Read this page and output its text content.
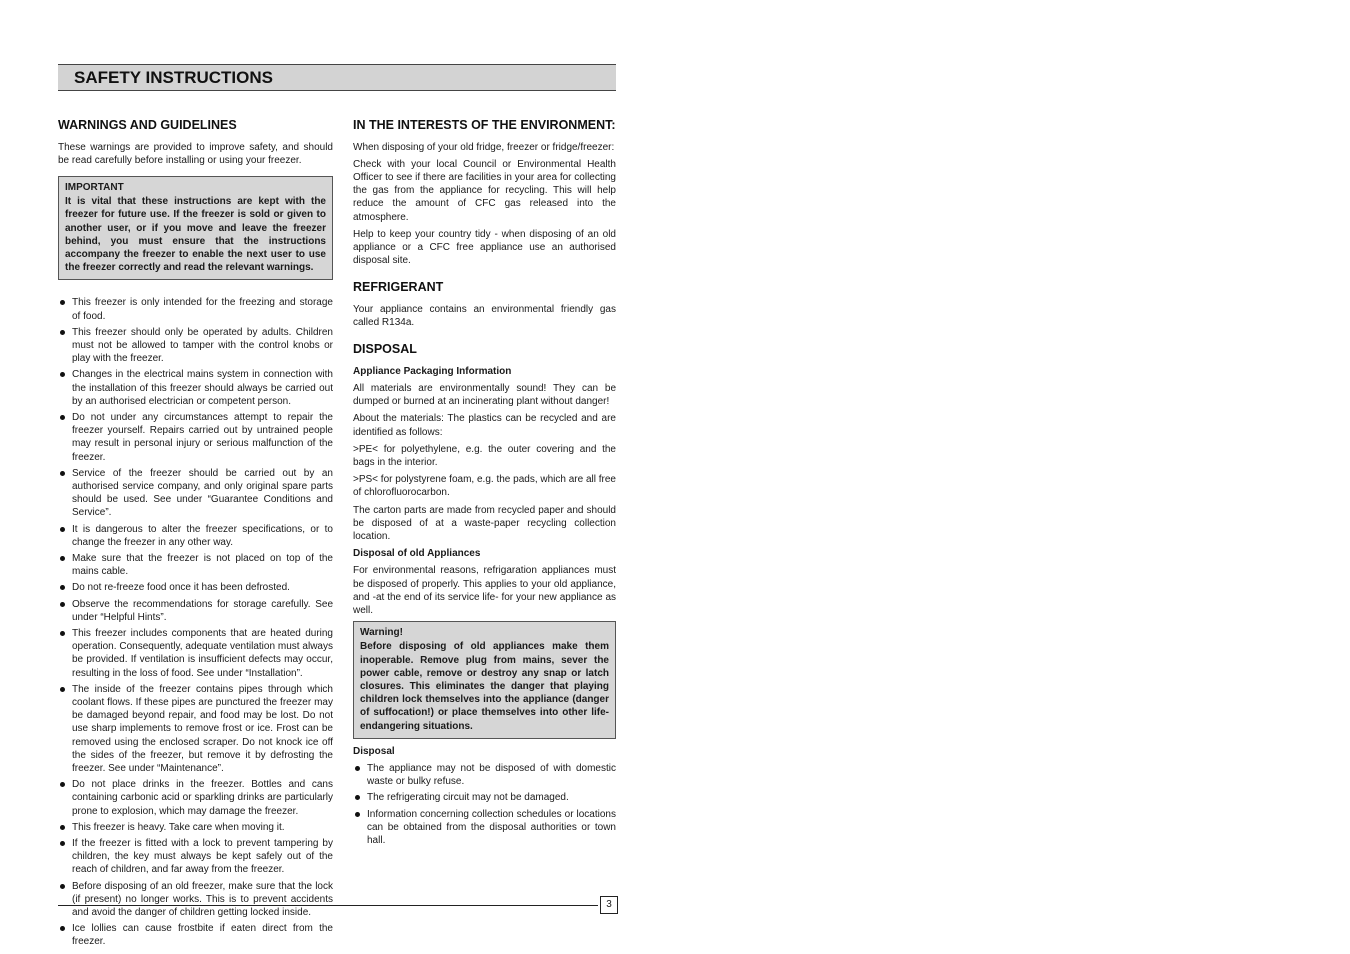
SAFETY INSTRUCTIONS
WARNINGS AND GUIDELINES

These warnings are provided to improve safety, and should be read carefully before installing or using your freezer.

IMPORTANT
It is vital that these instructions are kept with the freezer for future use. If the freezer is sold or given to another user, or if you move and leave the freezer behind, you must ensure that the instructions accompany the freezer to enable the next user to use the freezer correctly and read the relevant warnings.
This freezer is only intended for the freezing and storage of food.
This freezer should only be operated by adults. Children must not be allowed to tamper with the control knobs or play with the freezer.
Changes in the electrical mains system in connection with the installation of this freezer should always be carried out by an authorised electrician or competent person.
Do not under any circumstances attempt to repair the freezer yourself. Repairs carried out by untrained people may result in personal injury or serious malfunction of the freezer.
Service of the freezer should be carried out by an authorised service company, and only original spare parts should be used. See under “Guarantee Conditions and Service”.
It is dangerous to alter the freezer specifications, or to change the freezer in any other way.
Make sure that the freezer is not placed on top of the mains cable.
Do not re-freeze food once it has been defrosted.
Observe the recommendations for storage carefully. See under “Helpful Hints”.
This freezer includes components that are heated during operation. Consequently, adequate ventilation must always be provided. If ventilation is insufficient defects may occur, resulting in the loss of food. See under “Installation”.
The inside of the freezer contains pipes through which coolant flows. If these pipes are punctured the freezer may be damaged beyond repair, and food may be lost. Do not use sharp implements to remove frost or ice. Frost can be removed using the enclosed scraper. Do not knock ice off the sides of the freezer, but remove it by defrosting the freezer. See under “Maintenance”.
Do not place drinks in the freezer. Bottles and cans containing carbonic acid or sparkling drinks are particularly prone to explosion, which may damage the freezer.
This freezer is heavy. Take care when moving it.
If the freezer is fitted with a lock to prevent tampering by children, the key must always be kept safely out of the reach of children, and far away from the freezer.
Before disposing of an old freezer, make sure that the lock (if present) no longer works. This is to prevent accidents and avoid the danger of children getting locked inside.
Ice lollies can cause frostbite if eaten direct from the freezer.
IN THE INTERESTS OF THE ENVIRONMENT:

When disposing of your old fridge, freezer or fridge/freezer:

Check with your local Council or Environmental Health Officer to see if there are facilities in your area for collecting the gas from the appliance for recycling. This will help reduce the amount of CFC gas released into the atmosphere.

Help to keep your country tidy - when disposing of an old appliance or a CFC free appliance use an authorised disposal site.

REFRIGERANT

Your appliance contains an environmental friendly gas called R134a.

DISPOSAL
Appliance Packaging Information

All materials are environmentally sound! They can be dumped or burned at an incinerating plant without danger!

About the materials: The plastics can be recycled and are identified as follows:

>PE< for polyethylene, e.g. the outer covering and the bags in the interior.

>PS< for polystyrene foam, e.g. the pads, which are all free of chlorofluorocarbon.

The carton parts are made from recycled paper and should be disposed of at a waste-paper recycling collection location.

Disposal of old Appliances

For environmental reasons, refrigaration appliances must be disposed of properly. This applies to your old appliance, and -at the end of its service life- for your new appliance as well.

Warning!
Before disposing of old appliances make them inoperable. Remove plug from mains, sever the power cable, remove or destroy any snap or latch closures. This eliminates the danger that playing children lock themselves into the appliance (danger of suffocation!) or place themselves into other life-endangering situations.
Disposal
The appliance may not be disposed of with domestic waste or bulky refuse.
The refrigerating circuit may not be damaged.
Information concerning collection schedules or locations can be obtained from the disposal authorities or town hall.
3
